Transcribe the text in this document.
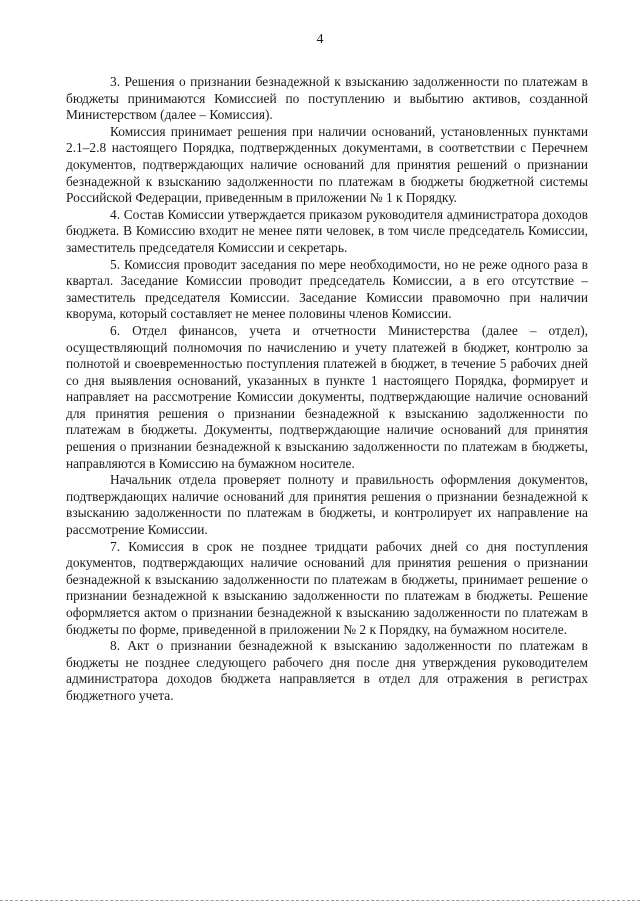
4

3. Решения о признании безнадежной к взысканию задолженности по платежам в бюджеты принимаются Комиссией по поступлению и выбытию активов, созданной Министерством (далее – Комиссия).

Комиссия принимает решения при наличии оснований, установленных пунктами 2.1–2.8 настоящего Порядка, подтвержденных документами, в соответствии с Перечнем документов, подтверждающих наличие оснований для принятия решений о признании безнадежной к взысканию задолженности по платежам в бюджеты бюджетной системы Российской Федерации, приведенным в приложении № 1 к Порядку.

4. Состав Комиссии утверждается приказом руководителя администратора доходов бюджета. В Комиссию входит не менее пяти человек, в том числе председатель Комиссии, заместитель председателя Комиссии и секретарь.

5. Комиссия проводит заседания по мере необходимости, но не реже одного раза в квартал. Заседание Комиссии проводит председатель Комиссии, а в его отсутствие – заместитель председателя Комиссии. Заседание Комиссии правомочно при наличии кворума, который составляет не менее половины членов Комиссии.

6. Отдел финансов, учета и отчетности Министерства (далее – отдел), осуществляющий полномочия по начислению и учету платежей в бюджет, контролю за полнотой и своевременностью поступления платежей в бюджет, в течение 5 рабочих дней со дня выявления оснований, указанных в пункте 1 настоящего Порядка, формирует и направляет на рассмотрение Комиссии документы, подтверждающие наличие оснований для принятия решения о признании безнадежной к взысканию задолженности по платежам в бюджеты. Документы, подтверждающие наличие оснований для принятия решения о признании безнадежной к взысканию задолженности по платежам в бюджеты, направляются в Комиссию на бумажном носителе.

Начальник отдела проверяет полноту и правильность оформления документов, подтверждающих наличие оснований для принятия решения о признании безнадежной к взысканию задолженности по платежам в бюджеты, и контролирует их направление на рассмотрение Комиссии.

7. Комиссия в срок не позднее тридцати рабочих дней со дня поступления документов, подтверждающих наличие оснований для принятия решения о признании безнадежной к взысканию задолженности по платежам в бюджеты, принимает решение о признании безнадежной к взысканию задолженности по платежам в бюджеты. Решение оформляется актом о признании безнадежной к взысканию задолженности по платежам в бюджеты по форме, приведенной в приложении № 2 к Порядку, на бумажном носителе.

8. Акт о признании безнадежной к взысканию задолженности по платежам в бюджеты не позднее следующего рабочего дня после дня утверждения руководителем администратора доходов бюджета направляется в отдел для отражения в регистрах бюджетного учета.
